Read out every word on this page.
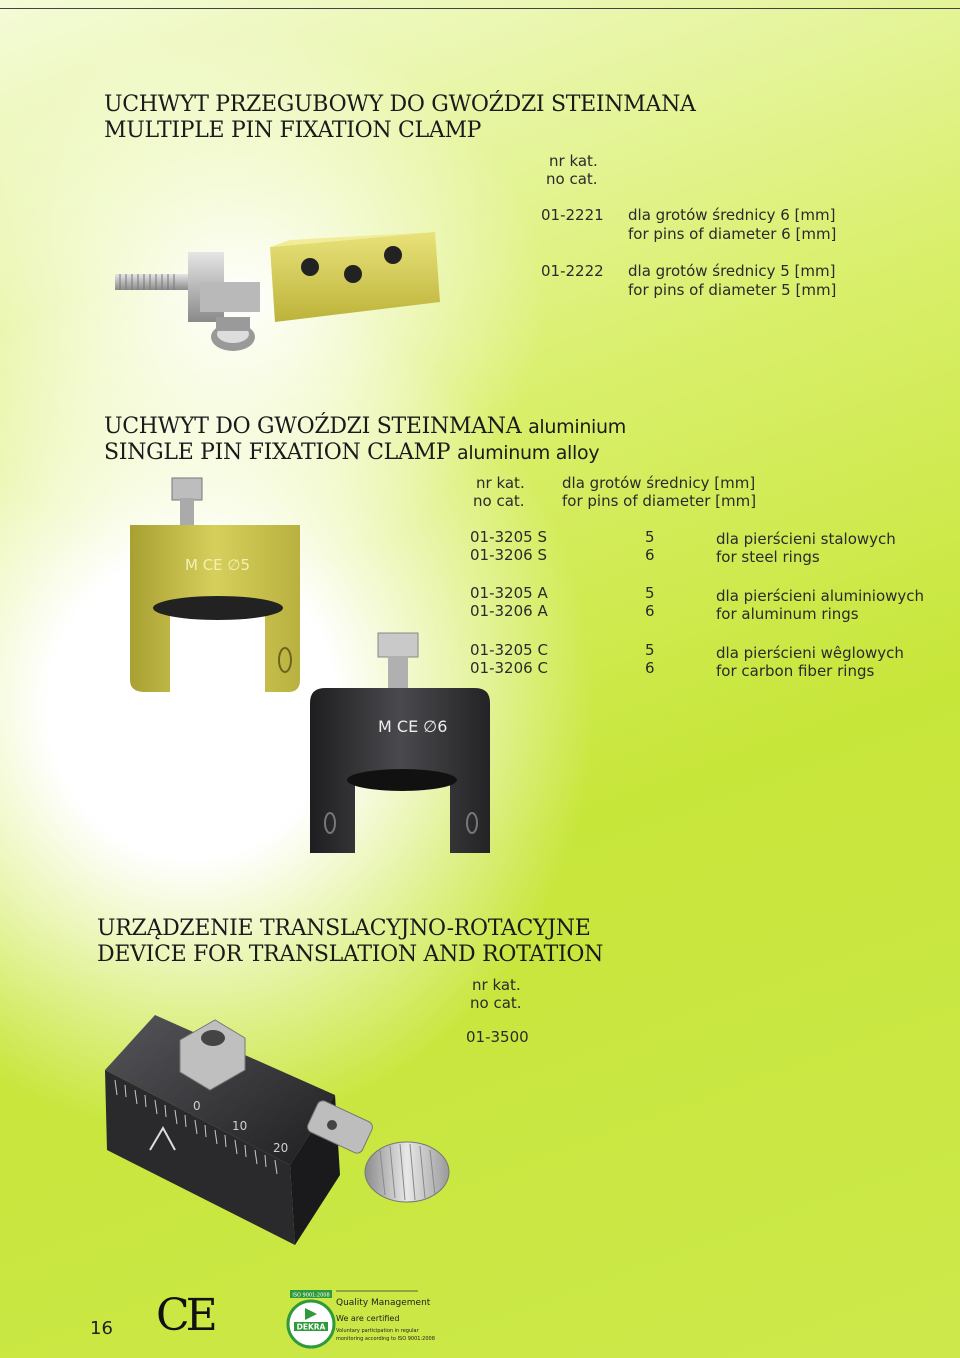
UCHWYT PRZEGUBOWY DO GWOŹDZI STEINMANA
MULTIPLE PIN FIXATION CLAMP
nr kat.
no cat.
01-2221 dla grotów średnicy 6 [mm]
for pins of diameter 6 [mm]
01-2222 dla grotów średnicy 5 [mm]
for pins of diameter 5 [mm]
UCHWYT DO GWOŹDZI STEINMANA aluminium
SINGLE PIN FIXATION CLAMP aluminum alloy
nr kat.
no cat.
dla grotów średnicy [mm]
for pins of diameter [mm]
01-3205 S
01-3206 S
5
6
dla pierścieni stalowych
for steel rings
01-3205 A
01-3206 A
5
6
dla pierścieni aluminiowych
for aluminum rings
01-3205 C
01-3206 C
5
6
dla pierścieni wêglowych
for carbon fiber rings
M CE ∅5
M CE ∅6
URZĄDZENIE TRANSLACYJNO-ROTACYJNE
DEVICE FOR TRANSLATION AND ROTATION
nr kat.
no cat.
01-3500
0
10
20
16 CE	ISO 9001:2008
DEKRA
Quality Management
We are certified
Voluntary participation in regular
monitoring according to ISO 9001:2008
